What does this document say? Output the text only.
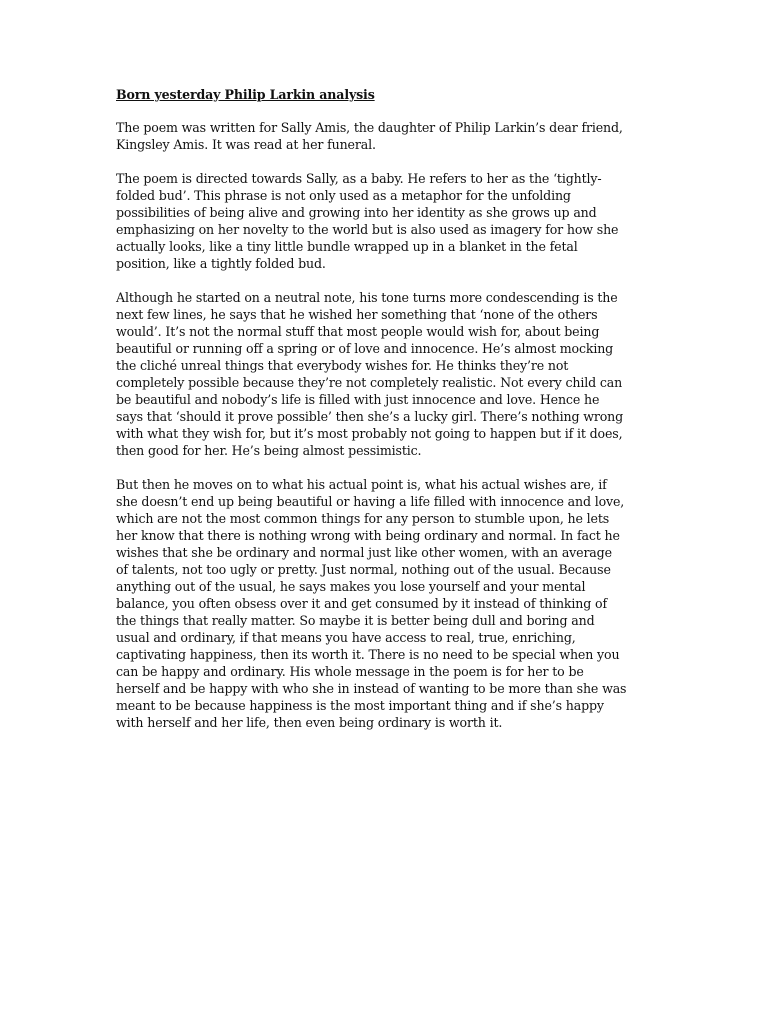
Born yesterday Philip Larkin analysis
The poem was written for Sally Amis, the daughter of Philip Larkin’s dear friend,
Kingsley Amis. It was read at her funeral.
The poem is directed towards Sally, as a baby. He refers to her as the ‘tightly-
folded bud’. This phrase is not only used as a metaphor for the unfolding
possibilities of being alive and growing into her identity as she grows up and
emphasizing on her novelty to the world but is also used as imagery for how she
actually looks, like a tiny little bundle wrapped up in a blanket in the fetal
position, like a tightly folded bud.
Although he started on a neutral note, his tone turns more condescending is the
next few lines, he says that he wished her something that ‘none of the others
would’. It’s not the normal stuff that most people would wish for, about being
beautiful or running off a spring or of love and innocence. He’s almost mocking
the cliché unreal things that everybody wishes for. He thinks they’re not
completely possible because they’re not completely realistic. Not every child can
be beautiful and nobody’s life is filled with just innocence and love. Hence he
says that ‘should it prove possible’ then she’s a lucky girl. There’s nothing wrong
with what they wish for, but it’s most probably not going to happen but if it does,
then good for her. He’s being almost pessimistic.
But then he moves on to what his actual point is, what his actual wishes are, if
she doesn’t end up being beautiful or having a life filled with innocence and love,
which are not the most common things for any person to stumble upon, he lets
her know that there is nothing wrong with being ordinary and normal. In fact he
wishes that she be ordinary and normal just like other women, with an average
of talents, not too ugly or pretty. Just normal, nothing out of the usual. Because
anything out of the usual, he says makes you lose yourself and your mental
balance, you often obsess over it and get consumed by it instead of thinking of
the things that really matter. So maybe it is better being dull and boring and
usual and ordinary, if that means you have access to real, true, enriching,
captivating happiness, then its worth it. There is no need to be special when you
can be happy and ordinary. His whole message in the poem is for her to be
herself and be happy with who she in instead of wanting to be more than she was
meant to be because happiness is the most important thing and if she’s happy
with herself and her life, then even being ordinary is worth it.
